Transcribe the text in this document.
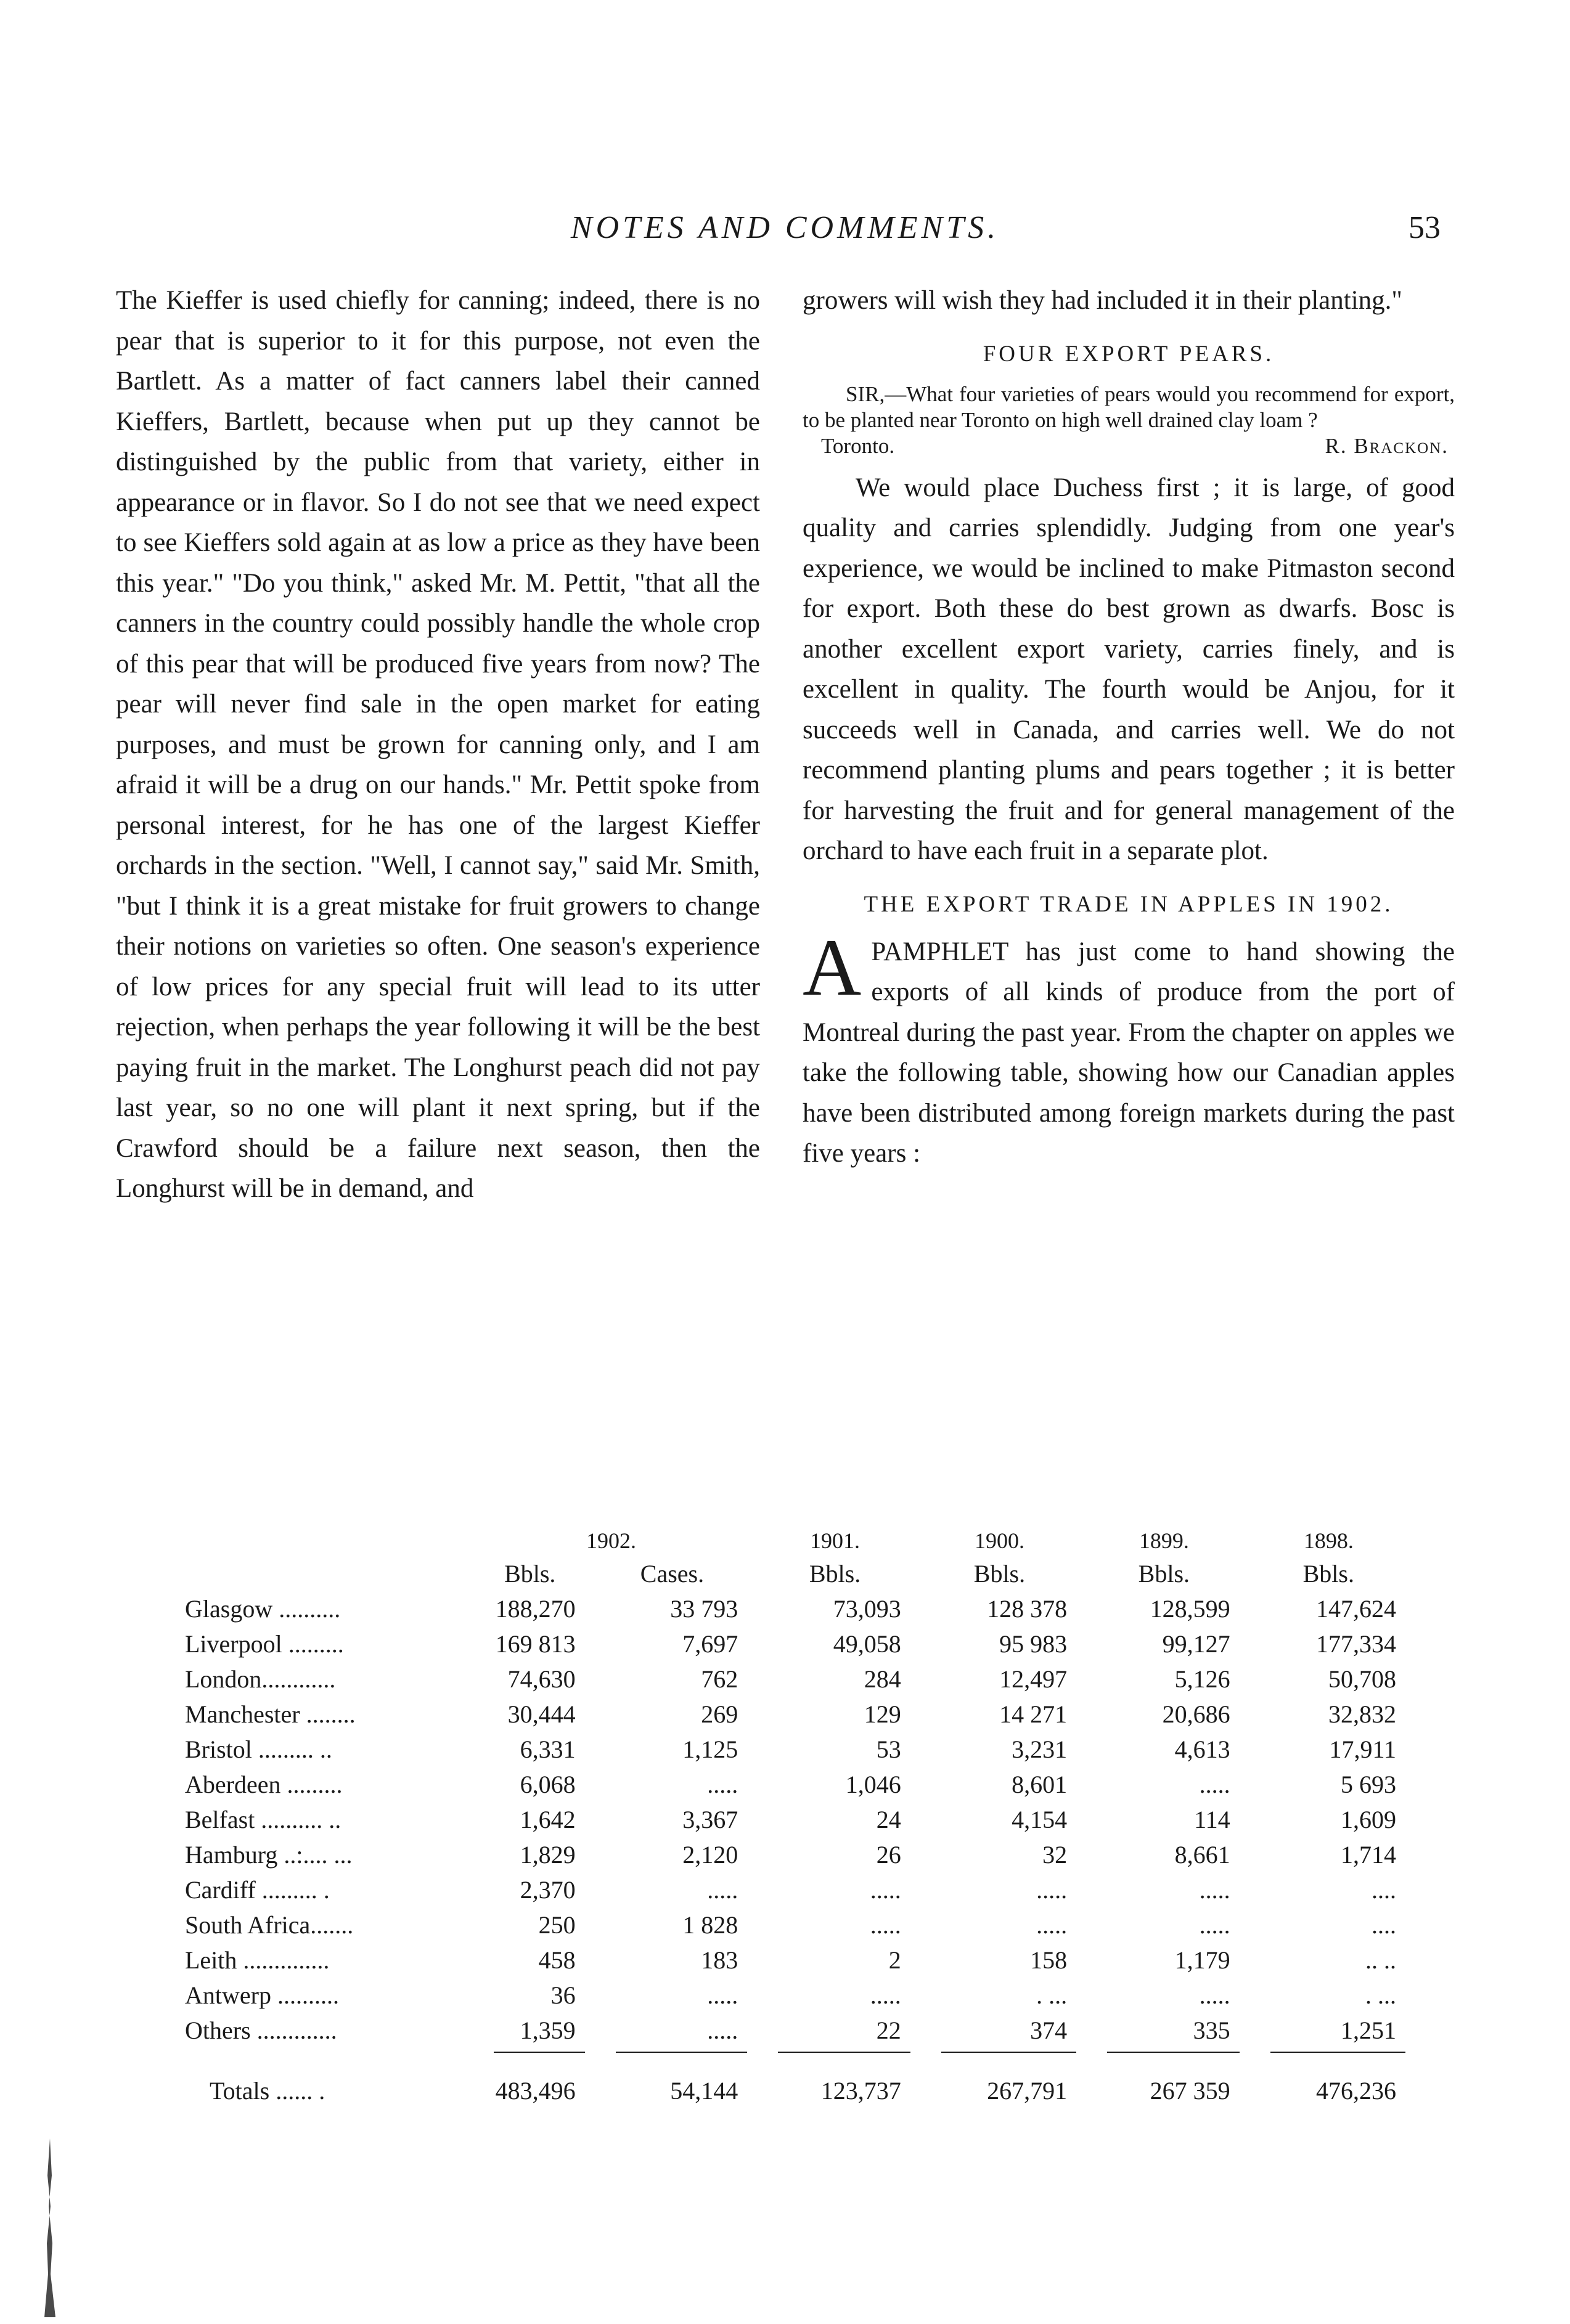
NOTES AND COMMENTS.	53

The Kieffer is used chiefly for canning; indeed, there is no pear that is superior to it for this purpose, not even the Bartlett. As a matter of fact canners label their canned Kieffers, Bartlett, because when put up they cannot be distinguished by the public from that variety, either in appearance or in flavor. So I do not see that we need expect to see Kieffers sold again at as low a price as they have been this year." "Do you think," asked Mr. M. Pettit, "that all the canners in the country could possibly handle the whole crop of this pear that will be produced five years from now? The pear will never find sale in the open market for eating purposes, and must be grown for canning only, and I am afraid it will be a drug on our hands." Mr. Pettit spoke from personal interest, for he has one of the largest Kieffer orchards in the section. "Well, I cannot say," said Mr. Smith, "but I think it is a great mistake for fruit growers to change their notions on varieties so often. One season's experience of low prices for any special fruit will lead to its utter rejection, when perhaps the year following it will be the best paying fruit in the market. The Longhurst peach did not pay last year, so no one will plant it next spring, but if the Crawford should be a failure next season, then the Longhurst will be in demand, and

growers will wish they had included it in their planting."

FOUR EXPORT PEARS.

SIR,—What four varieties of pears would you recommend for export, to be planted near Toronto on high well drained clay loam ?

Toronto.	R. Brackon.

We would place Duchess first ; it is large, of good quality and carries splendidly. Judging from one year's experience, we would be inclined to make Pitmaston second for export. Both these do best grown as dwarfs. Bosc is another excellent export variety, carries finely, and is excellent in quality. The fourth would be Anjou, for it succeeds well in Canada, and carries well. We do not recommend planting plums and pears together ; it is better for harvesting the fruit and for general management of the orchard to have each fruit in a separate plot.

THE EXPORT TRADE IN APPLES IN 1902.

APAMPHLET has just come to hand showing the exports of all kinds of produce from the port of Montreal during the past year. From the chapter on apples we take the following table, showing how our Canadian apples have been distributed among foreign markets during the past five years :

	1902.		1901.	1900.	1899.	1898.
	Bbls.	Cases.	Bbls.	Bbls.	Bbls.	Bbls.
Glasgow ..........	188,270	33 793	73,093	128 378	128,599	147,624
Liverpool .........	169 813	7,697	49,058	95 983	99,127	177,334
London............	74,630	762	284	12,497	5,126	50,708
Manchester ........	30,444	269	129	14 271	20,686	32,832
Bristol ......... ..	6,331	1,125	53	3,231	4,613	17,911
Aberdeen .........	6,068	.....	1,046	8,601	.....	5 693
Belfast .......... ..	1,642	3,367	24	4,154	114	1,609
Hamburg ..:.... ...	1,829	2,120	26	32	8,661	1,714
Cardiff ......... .	2,370	.....	.....	.....	.....	....
South Africa.......	250	1 828	.....	.....	.....	....
Leith ..............	458	183	2	158	1,179	.. ..
Antwerp ..........	36	.....	.....	. ...	.....	. ...
Others .............	1,359	.....	22	374	335	1,251

Totals ...... .	483,496	54,144	123,737	267,791	267 359	476,236
